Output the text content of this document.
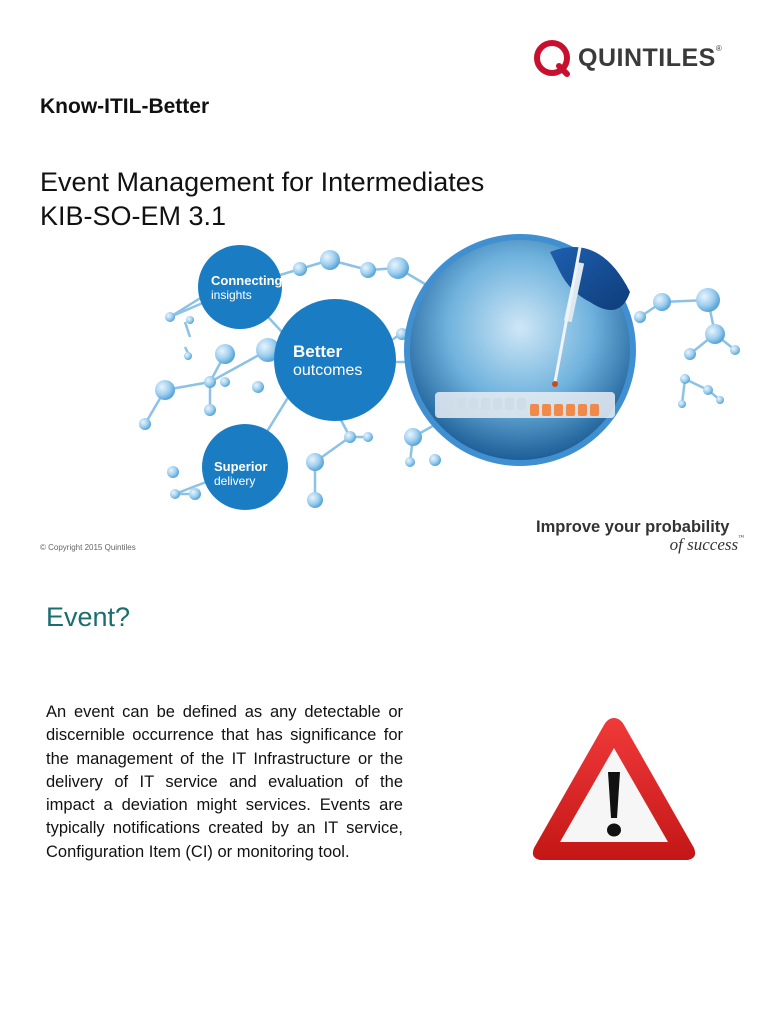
QUINTILES®
Know-ITIL-Better
Event Management for Intermediates
KIB-SO-EM 3.1
Connecting
insights
Better
outcomes
Superior
delivery
© Copyright 2015 Quintiles
Improve your probability
of success™
Event?
An event can be defined as any detectable or discernible occurrence that has significance for the management of the IT Infrastructure or the delivery of IT service and evaluation of the impact a deviation might services. Events are typically notifications created by an IT service, Configuration Item (CI) or monitoring tool.
